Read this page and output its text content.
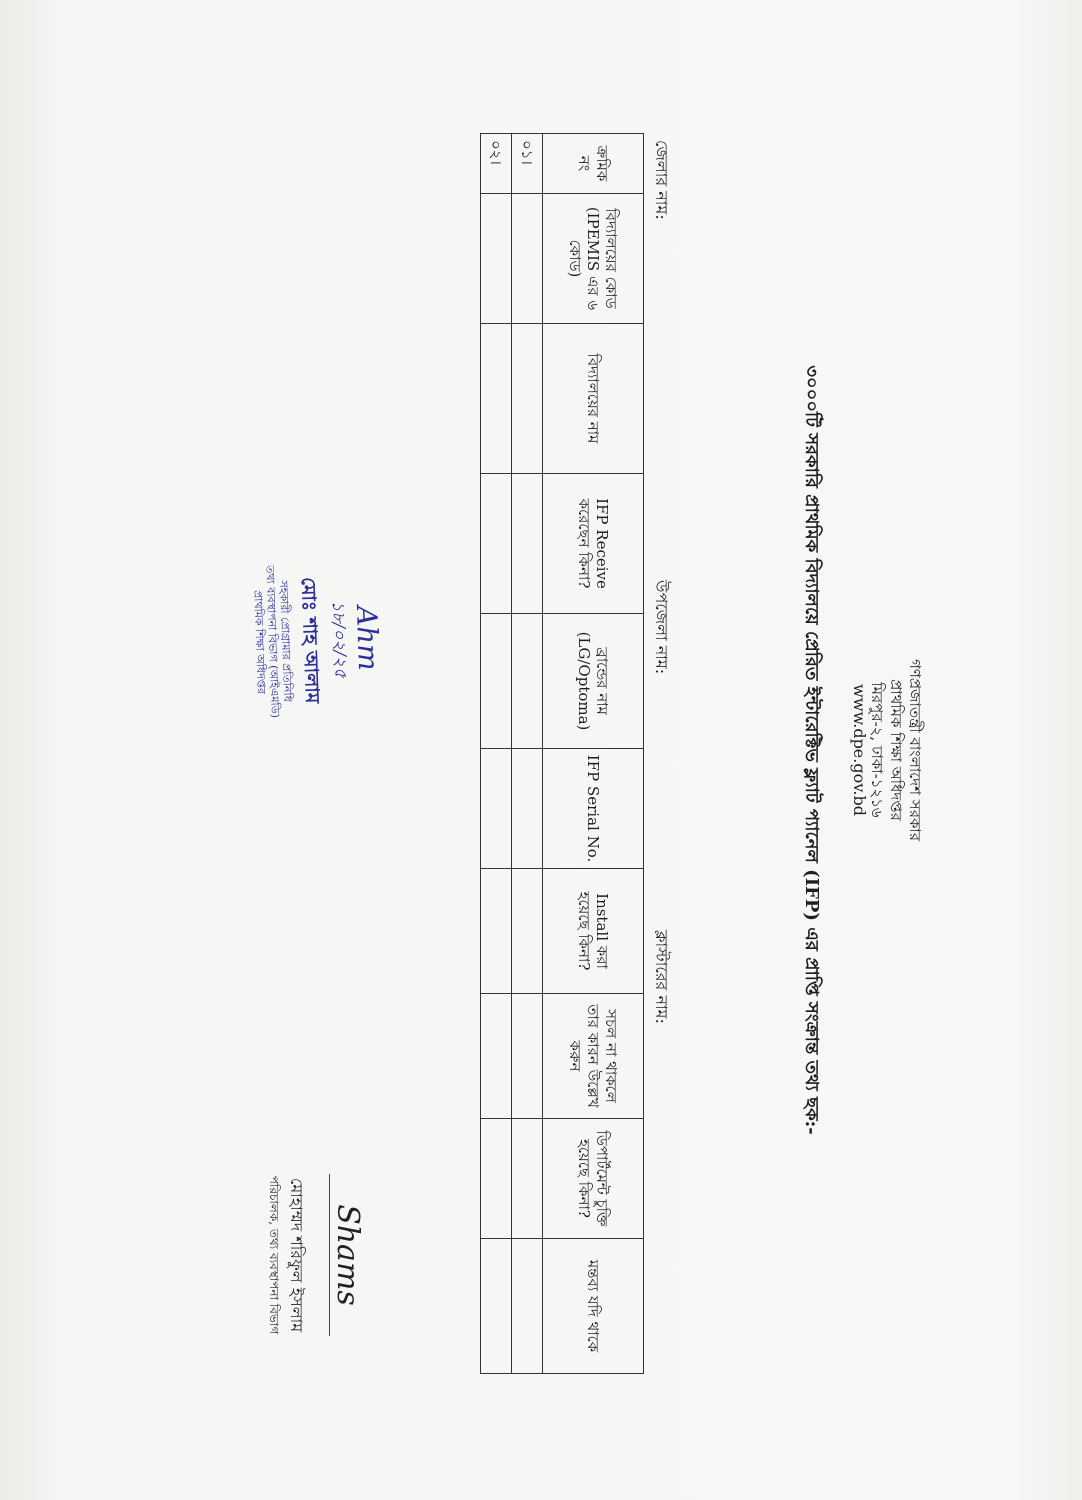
গণপ্রজাতন্ত্রী বাংলাদেশ সরকার
প্রাথমিক শিক্ষা অধিদপ্তর
মিরপুর-২, ঢাকা-১২১৬
www.dpe.gov.bd
৩০০০টি সরকারি প্রাথমিক বিদ্যালয়ে প্রেরিত ইন্টারেক্টিভ ফ্ল্যাট প্যানেল (IFP) এর প্রাপ্তি সংক্রান্ত তথ্য ছক:-
জেলার নাম:
উপজেলা নাম:
ক্লাস্টারের নাম:
ক্রমিক নং	বিদ্যালয়ের কোড (IPEMIS এর ৬ কোড)	বিদ্যালয়ের নাম	IFP Receive করেছেন কিনা?	ব্রান্ডের নাম (LG/Optoma)	IFP Serial No.	Install করা হয়েছে কিনা?	সচল না থাকলে তার কারন উল্লেখ করুন	ডিপার্টমেন্ট চুক্তি হয়েছে কিনা?	মন্তব্য যদি থাকে
০১।									
০২।									
Ahm
১৮/০২/২৫
মোঃ শাহ আলাম
সহকারী প্রোগ্রামার প্রতিনিধি
তথ্য ব্যবস্থাপনা বিভাগ (আইএমডি)
প্রাথমিক শিক্ষা অধিদপ্তর
Shams
মোহাম্মদ শরিফুল ইসলাম
পরিচালক, তথ্য ব্যবস্থাপনা বিভাগ
